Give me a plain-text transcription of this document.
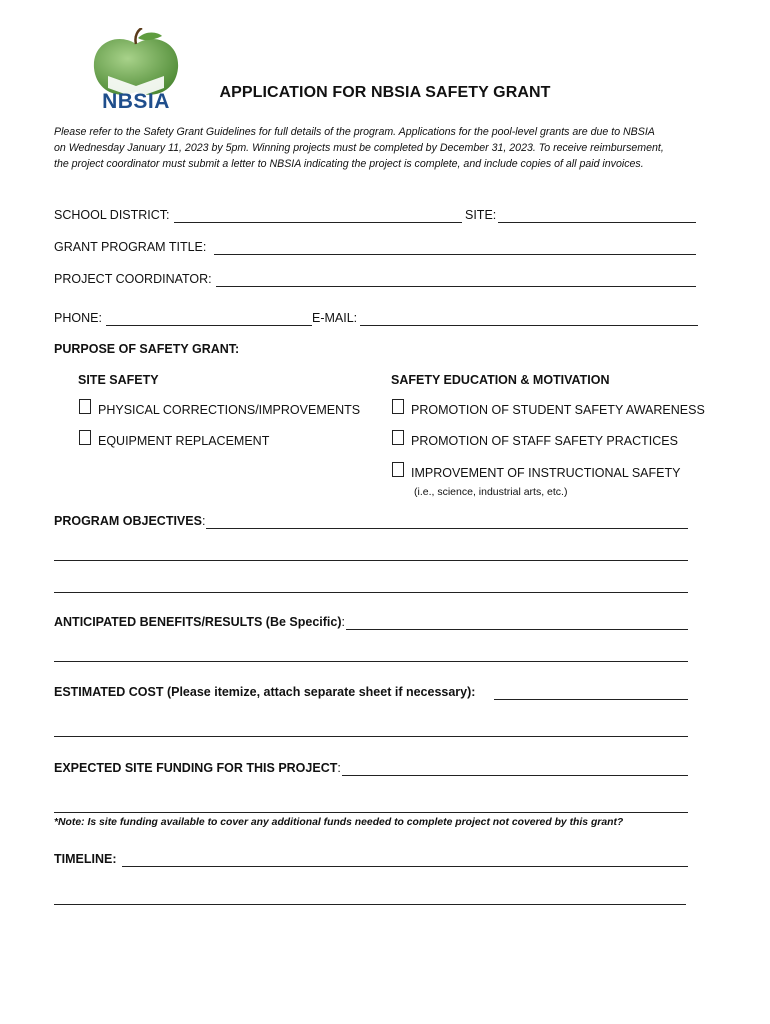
NBSIA	APPLICATION FOR NBSIA SAFETY GRANT
Please refer to the Safety Grant Guidelines for full details of the program. Applications for the pool-level grants are due to NBSIA
on Wednesday January 11, 2023 by 5pm. Winning projects must be completed by December 31, 2023. To receive reimbursement,
the project coordinator must submit a letter to NBSIA indicating the project is complete, and include copies of all paid invoices.
SCHOOL DISTRICT:	SITE:
GRANT PROGRAM TITLE:
PROJECT COORDINATOR:
PHONE:	E-MAIL:
PURPOSE OF SAFETY GRANT:
SITE SAFETY	SAFETY EDUCATION & MOTIVATION
PHYSICAL CORRECTIONS/IMPROVEMENTS	PROMOTION OF STUDENT SAFETY AWARENESS
EQUIPMENT REPLACEMENT	PROMOTION OF STAFF SAFETY PRACTICES
IMPROVEMENT OF INSTRUCTIONAL SAFETY
(i.e., science, industrial arts, etc.)
PROGRAM OBJECTIVES:
ANTICIPATED BENEFITS/RESULTS (Be Specific):
ESTIMATED COST (Please itemize, attach separate sheet if necessary):
EXPECTED SITE FUNDING FOR THIS PROJECT:
*Note: Is site funding available to cover any additional funds needed to complete project not covered by this grant?
TIMELINE:
